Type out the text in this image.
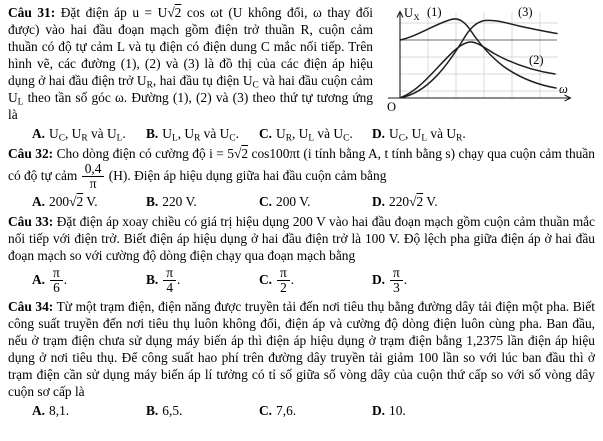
U X (1)	(3)
(2)
ω
O

Câu 31: Đặt điện áp u = U√2 cos ωt (U không đổi, ω thay đổi được) vào hai đầu đoạn mạch gồm điện trở thuần R, cuộn cảm thuần có độ tự cảm L và tụ điện có điện dung C mắc nối tiếp. Trên hình vẽ, các đường (1), (2) và (3) là đồ thị của các điện áp hiệu dụng ở hai đầu điện trở $U_R$, hai đầu tụ điện $U_C$ và hai đầu cuộn cảm $U_L$ theo tần số góc ω. Đường (1), (2) và (3) theo thứ tự tương ứng là

A. $U_C$, $U_R$ và $U_L$.	B. $U_L$, $U_R$ và $U_C$.	C. $U_R$, $U_L$ và $U_C$.	D. $U_C$, $U_L$ và $U_R$.

Câu 32: Cho dòng điện có cường độ i = 5√2 cos100πt (i tính bằng A, t tính bằng s) chạy qua cuộn cảm thuần có độ tự cảm $\frac{0,4}{\pi} (H)$. Điện áp hiệu dụng giữa hai đầu cuộn cảm bằng

A. 200√2 V.	B. 220 V.	C. 200 V.	D. 220√2 V.

Câu 33: Đặt điện áp xoay chiều có giá trị hiệu dụng 200 V vào hai đầu đoạn mạch gồm cuộn cảm thuần mắc nối tiếp với điện trở. Biết điện áp hiệu dụng ở hai đầu điện trở là 100 V. Độ lệch pha giữa điện áp ở hai đầu đoạn mạch so với cường độ dòng điện chạy qua đoạn mạch bằng

A. $\frac{\pi}{6}$ .	B. $\frac{\pi}{4}$ .	C. $\frac{\pi}{2}$ .	D. $\frac{\pi}{3}$ .

Câu 34: Từ một trạm điện, điện năng được truyền tải đến nơi tiêu thụ bằng đường dây tải điện một pha. Biết công suất truyền đến nơi tiêu thụ luôn không đổi, điện áp và cường độ dòng điện luôn cùng pha. Ban đầu, nếu ở trạm điện chưa sử dụng máy biến áp thì điện áp hiệu dụng ở trạm điện bằng 1,2375 lần điện áp hiệu dụng ở nơi tiêu thụ. Để công suất hao phí trên đường dây truyền tải giảm 100 lần so với lúc ban đầu thì ở trạm điện cần sử dụng máy biến áp lí tưởng có tỉ số giữa số vòng dây của cuộn thứ cấp so với số vòng dây cuộn sơ cấp là

A. 8,1.	B. 6,5.	C. 7,6.	D. 10.
